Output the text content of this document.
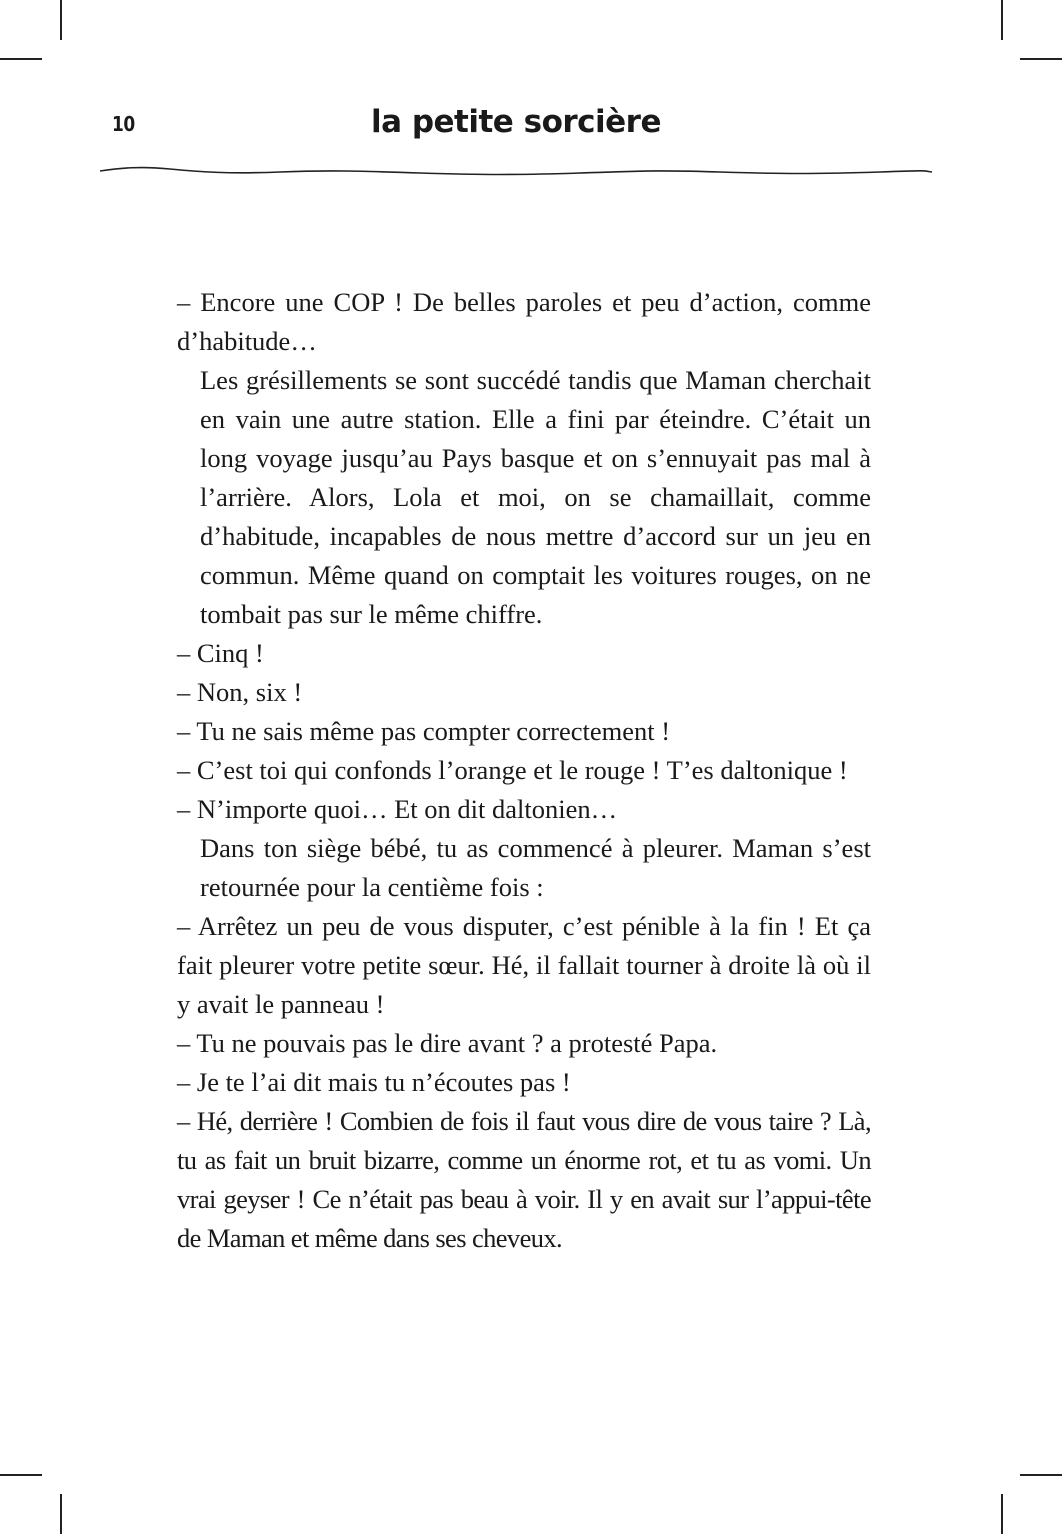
10	la petite sorcière

– Encore une COP ! De belles paroles et peu d’action, comme d’habitude…

Les grésillements se sont succédé tandis que Maman cherchait en vain une autre station. Elle a fini par éteindre. C’était un long voyage jusqu’au Pays basque et on s’ennuyait pas mal à l’arrière. Alors, Lola et moi, on se chamaillait, comme d’habitude, incapables de nous mettre d’accord sur un jeu en commun. Même quand on comptait les voitures rouges, on ne tombait pas sur le même chiffre.

– Cinq !

– Non, six !

– Tu ne sais même pas compter correctement !

– C’est toi qui confonds l’orange et le rouge ! T’es daltonique !

– N’importe quoi… Et on dit daltonien…

Dans ton siège bébé, tu as commencé à pleurer. Maman s’est retournée pour la centième fois :

– Arrêtez un peu de vous disputer, c’est pénible à la fin ! Et ça fait pleurer votre petite sœur. Hé, il fallait tourner à droite là où il y avait le panneau !

– Tu ne pouvais pas le dire avant ? a protesté Papa.

– Je te l’ai dit mais tu n’écoutes pas !

– Hé, derrière ! Combien de fois il faut vous dire de vous taire ? Là, tu as fait un bruit bizarre, comme un énorme rot, et tu as vomi. Un vrai geyser ! Ce n’était pas beau à voir. Il y en avait sur l’appui-tête de Maman et même dans ses cheveux.
